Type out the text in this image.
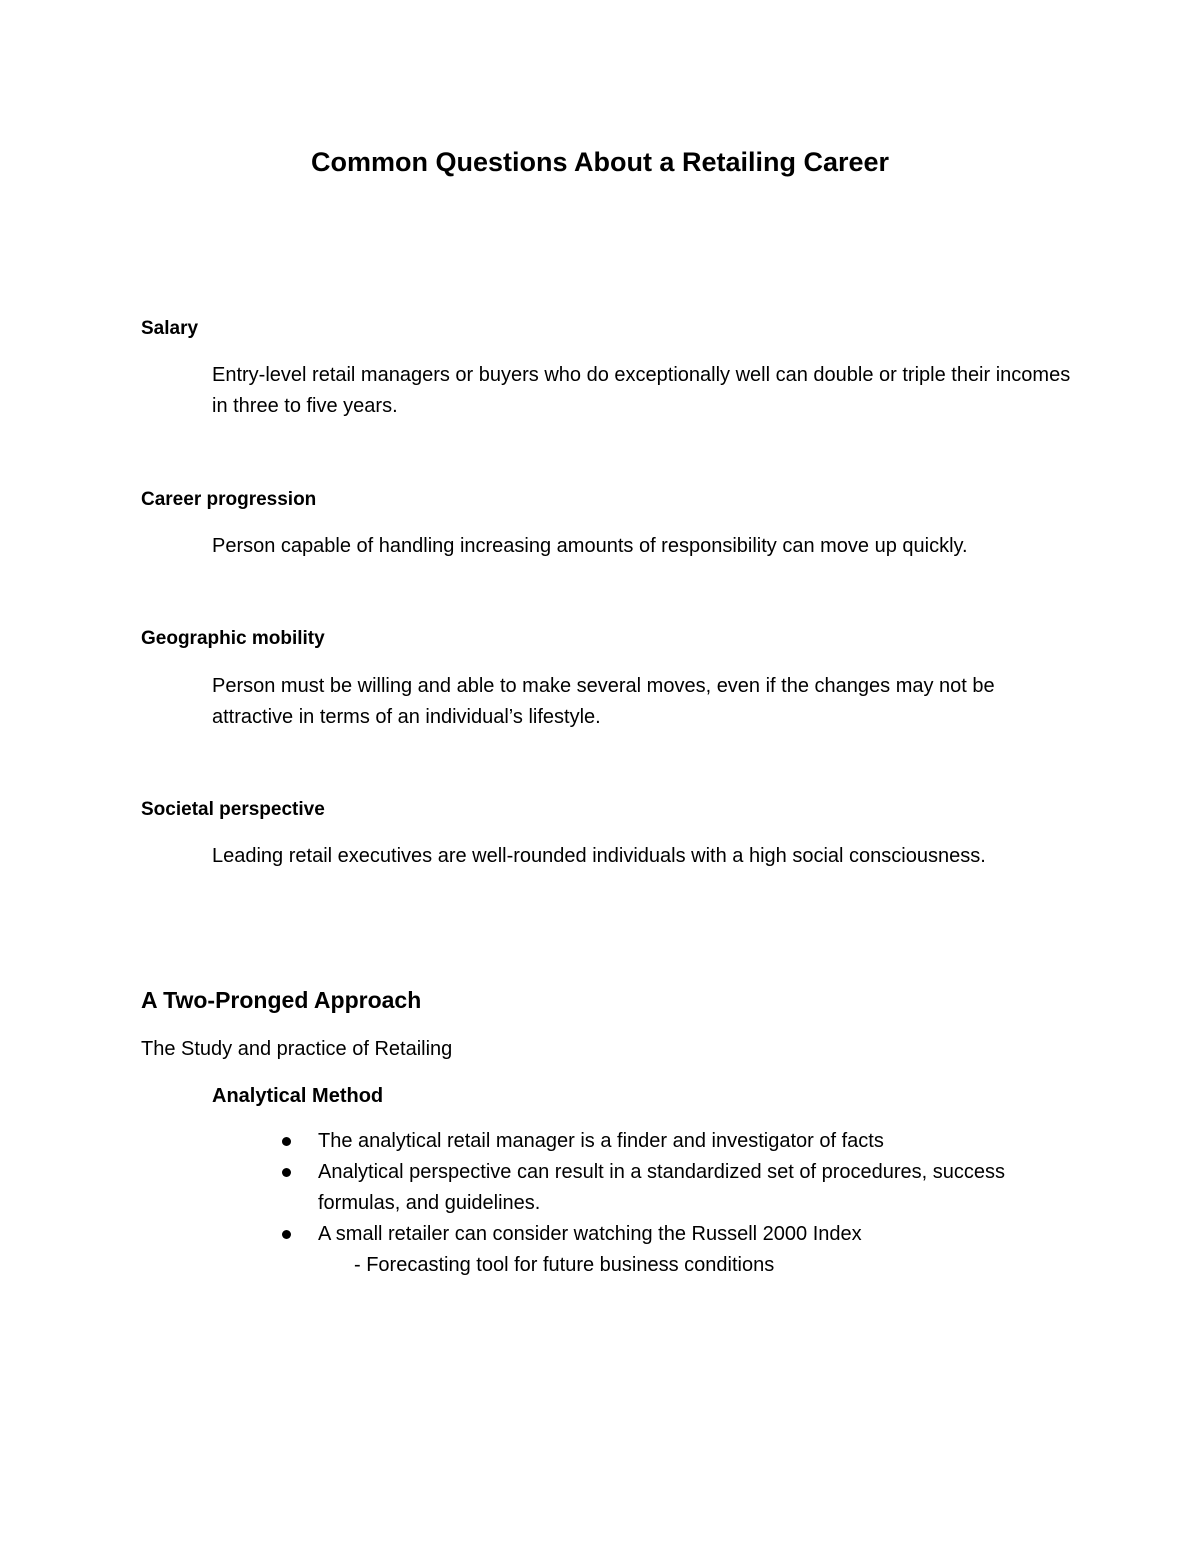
Common Questions About a Retailing Career
Salary
Entry-level retail managers or buyers who do exceptionally well can double or triple their incomes in three to five years.
Career progression
Person capable of handling increasing amounts of responsibility can move up quickly.
Geographic mobility
Person must be willing and able to make several moves, even if the changes may not be attractive in terms of an individual’s lifestyle.
Societal perspective
Leading retail executives are well-rounded individuals with a high social consciousness.
A Two-Pronged Approach
The Study and practice of Retailing
Analytical Method
The analytical retail manager is a finder and investigator of facts
Analytical perspective can result in a standardized set of procedures, success formulas, and guidelines.
A small retailer can consider watching the Russell 2000 Index
- Forecasting tool for future business conditions
